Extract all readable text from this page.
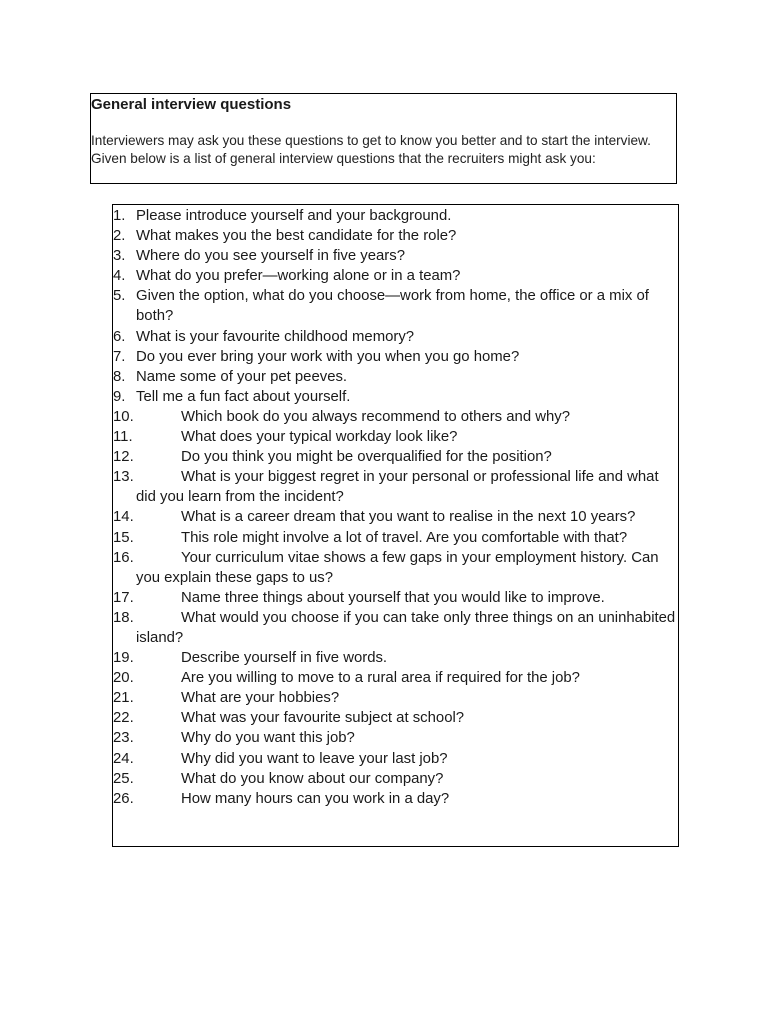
General interview questions

Interviewers may ask you these questions to get to know you better and to start the interview. Given below is a list of general interview questions that the recruiters might ask you:

1. Please introduce yourself and your background.
2. What makes you the best candidate for the role?
3. Where do you see yourself in five years?
4. What do you prefer—working alone or in a team?
5. Given the option, what do you choose—work from home, the office or a mix of both?
6. What is your favourite childhood memory?
7. Do you ever bring your work with you when you go home?
8. Name some of your pet peeves.
9. Tell me a fun fact about yourself.
10.	Which book do you always recommend to others and why?
11.	What does your typical workday look like?
12.	Do you think you might be overqualified for the position?
13.	What is your biggest regret in your personal or professional life and what did you learn from the incident?
14.	What is a career dream that you want to realise in the next 10 years?
15.	This role might involve a lot of travel. Are you comfortable with that?
16.	Your curriculum vitae shows a few gaps in your employment history. Can you explain these gaps to us?
17.	Name three things about yourself that you would like to improve.
18.	What would you choose if you can take only three things on an uninhabited island?
19.	Describe yourself in five words.
20.	Are you willing to move to a rural area if required for the job?
21.	What are your hobbies?
22.	What was your favourite subject at school?
23.	Why do you want this job?
24.	Why did you want to leave your last job?
25.	What do you know about our company?
26.	How many hours can you work in a day?
